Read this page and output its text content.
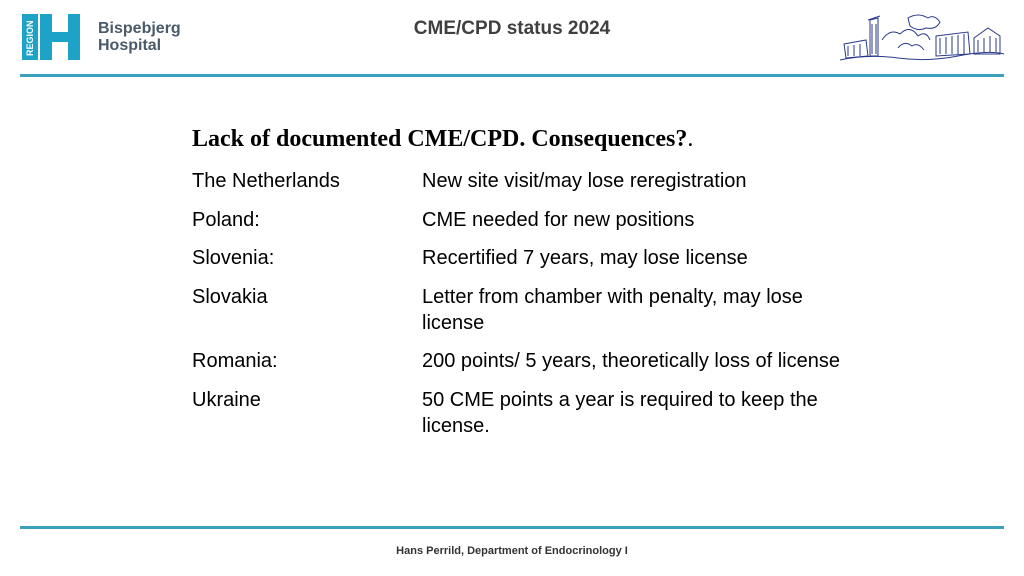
REGION	Bispebjerg
Hospital
CME/CPD status 2024
Lack of documented CME/CPD. Consequences?.
The Netherlands	New site visit/may lose reregistration
Poland:	CME needed for new positions
Slovenia:	Recertified 7 years, may lose license
Slovakia	Letter from chamber with penalty, may lose license
Romania:	200 points/ 5 years, theoretically loss of license
Ukraine	50 CME points a year is required to keep the license.
Hans Perrild, Department of Endocrinology I
